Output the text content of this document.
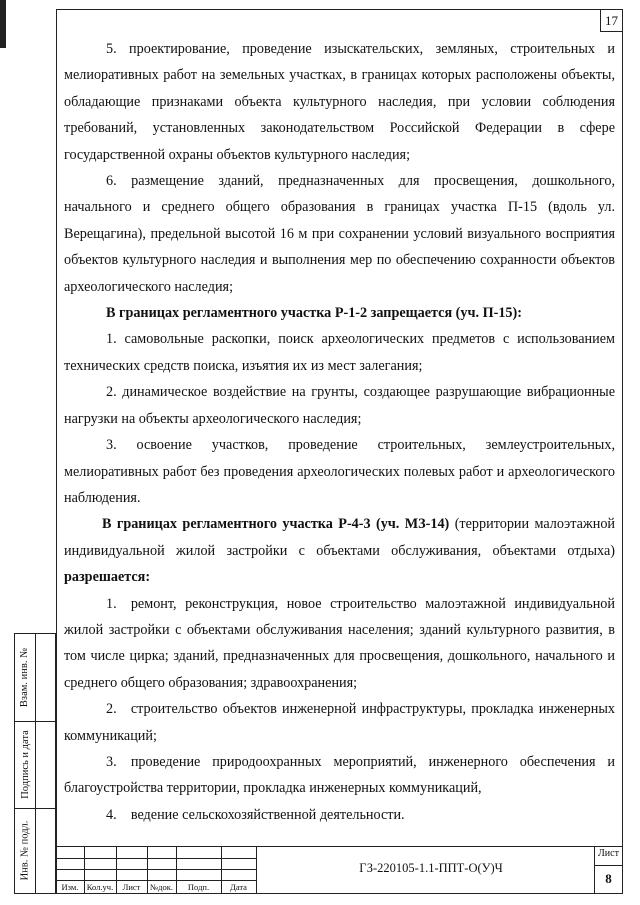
17

5. проектирование, проведение изыскательских, земляных, строительных и мелиоративных работ на земельных участках, в границах которых расположены объекты, обладающие признаками объекта культурного наследия, при условии соблюдения требований, установленных законодательством Российской Федерации в сфере государственной охраны объектов культурного наследия;

6. размещение зданий, предназначенных для просвещения, дошкольного, начального и среднего общего образования в границах участка П-15 (вдоль ул. Верещагина), предельной высотой 16 м при сохранении условий визуального восприятия объектов культурного наследия и выполнения мер по обеспечению сохранности объектов археологического наследия;

В границах регламентного участка Р-1-2 запрещается (уч. П-15):

1. самовольные раскопки, поиск археологических предметов с использованием технических средств поиска, изъятия их из мест залегания;

2. динамическое воздействие на грунты, создающее разрушающие вибрационные нагрузки на объекты археологического наследия;

3. освоение участков, проведение строительных, землеустроительных, мелиоративных работ без проведения археологических полевых работ и археологического наблюдения.

В границах регламентного участка Р-4-3 (уч. МЗ-14) (территории малоэтажной индивидуальной жилой застройки с объектами обслуживания, объектами отдыха) разрешается:

1. ремонт, реконструкция, новое строительство малоэтажной индивидуальной жилой застройки с объектами обслуживания населения; зданий культурного развития, в том числе цирка; зданий, предназначенных для просвещения, дошкольного, начального и среднего общего образования; здравоохранения;

2. строительство объектов инженерной инфраструктуры, прокладка инженерных коммуникаций;

3. проведение природоохранных мероприятий, инженерного обеспечения и благоустройства территории, прокладка инженерных коммуникаций,

4. ведение сельскохозяйственной деятельности.

Взам. инв. №
Подпись и дата
Инв. № подл.
Изм. Кол.уч.	Лист	№док.	Подп.	Дата
ГЗ-220105-1.1-ППТ-О(У)Ч
Лист
8
